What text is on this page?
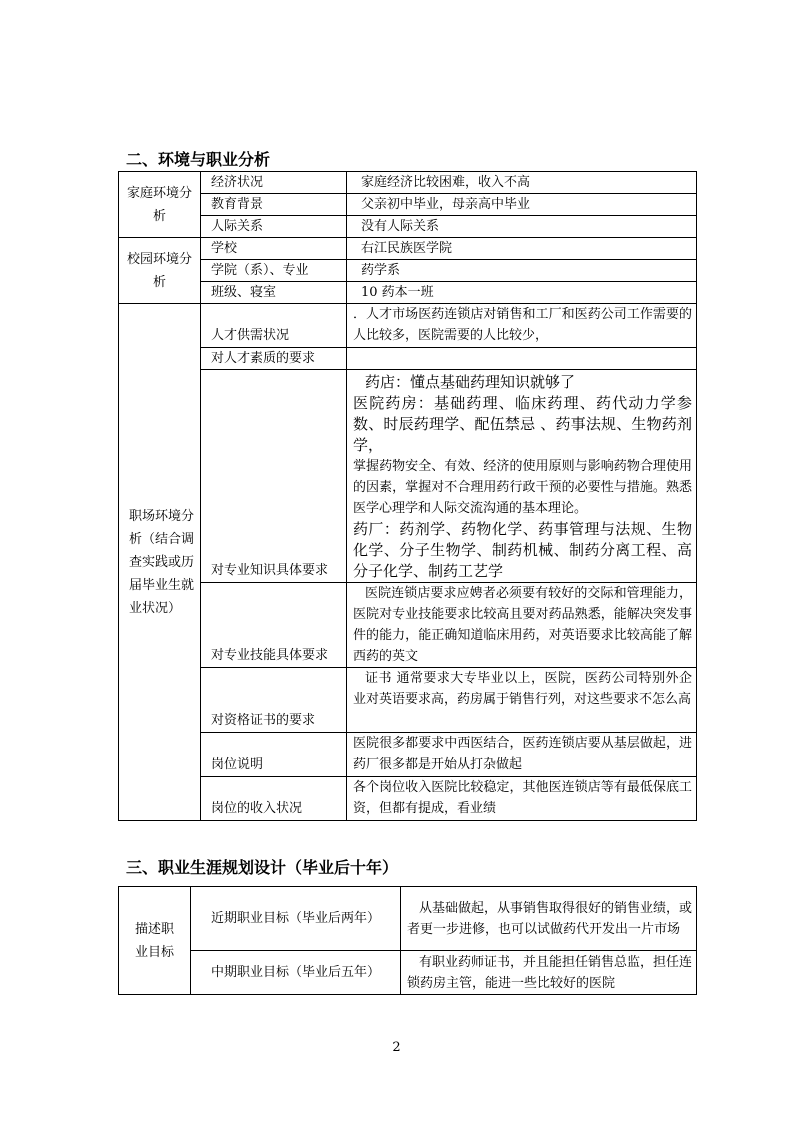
二、环境与职业分析
家庭环境分析	经济状况	家庭经济比较困难，收入不高
	教育背景	父亲初中毕业，母亲高中毕业
	人际关系	没有人际关系
校园环境分析	学校	右江民族医学院
	学院（系）、专业	药学系
	班级、寝室	10 药本一班
职场环境分析（结合调查实践或历届毕业生就业状况）	人才供需状况	．人才市场医药连锁店对销售和工厂和医药公司工作需要的人比较多，医院需要的人比较少，
	对人才素质的要求	
	对专业知识具体要求	药店：懂点基础药理知识就够了
医院药房：基础药理、临床药理、药代动力学参数、时辰药理学、配伍禁忌 、药事法规、生物药剂学，
掌握药物安全、有效、经济的使用原则与影响药物合理使用的因素，掌握对不合理用药行政干预的必要性与措施。熟悉医学心理学和人际交流沟通的基本理论。
药厂：药剂学、药物化学、药事管理与法规、生物化学、分子生物学、制药机械、制药分离工程、高分子化学、制药工艺学

	对专业技能具体要求	医院连锁店要求应娉者必须要有较好的交际和管理能力，医院对专业技能要求比较高且要对药品熟悉，能解决突发事件的能力，能正确知道临床用药，对英语要求比较高能了解西药的英文
	对资格证书的要求	证书 通常要求大专毕业以上，医院，医药公司特别外企业对英语要求高，药房属于销售行列，对这些要求不怎么高
	岗位说明	医院很多都要求中西医结合，医药连锁店要从基层做起，进药厂很多都是开始从打杂做起
	岗位的收入状况	各个岗位收入医院比较稳定，其他医连锁店等有最低保底工资，但都有提成，看业绩
三、职业生涯规划设计（毕业后十年）
描述职业目标	近期职业目标（毕业后两年）	从基础做起，从事销售取得很好的销售业绩，或者更一步进修，也可以试做药代开发出一片市场
	中期职业目标（毕业后五年）	有职业药师证书，并且能担任销售总监，担任连锁药房主管，能进一些比较好的医院
2
